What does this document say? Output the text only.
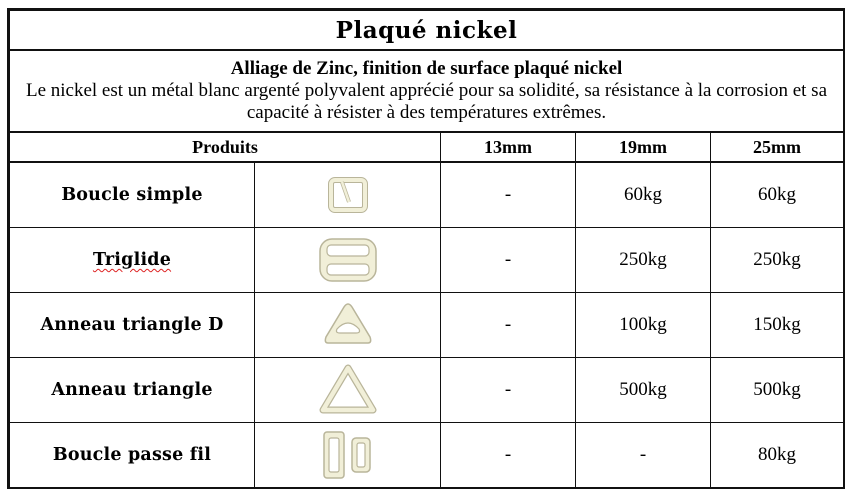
Plaqué nickel				

Alliage de Zinc, finition de surface plaqué nickel
Le nickel est un métal blanc argenté polyvalent apprécié pour sa solidité, sa résistance à la corrosion et sa capacité à résister à des températures extrêmes.				
Produits		13mm	19mm	25mm
Boucle simple		-	60kg	60kg
Triglide		-	250kg	250kg
Anneau triangle D		-	100kg	150kg
Anneau triangle		-	500kg	500kg
Boucle passe fil		-	-	80kg
